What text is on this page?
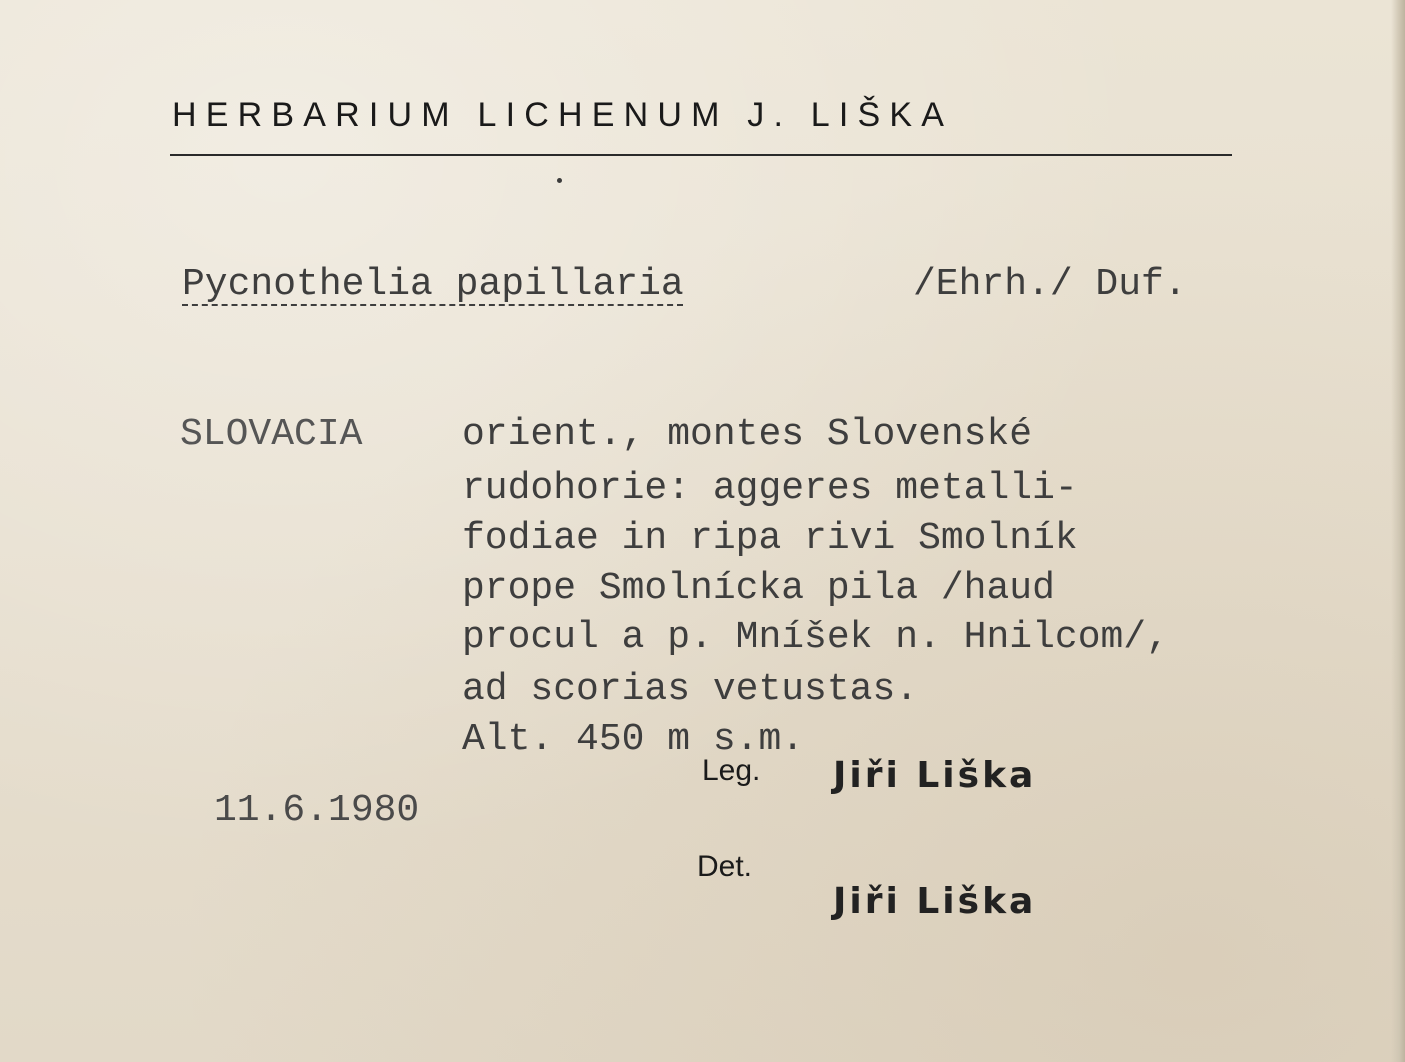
HERBARIUM LICHENUM J. LIŠKA
Pycnothelia papillaria	/Ehrh./ Duf.
SLOVACIA	orient., montes Slovenské
rudohorie: aggeres metalli-
fodiae in ripa rivi Smolník
prope Smolnícka pila /haud
procul a p. Mníšek n. Hnilcom/,
ad scorias vetustas.
Alt. 450 m s.m.
11.6.1980
Leg. Jiři Liška
Det.
Jiři Liška
